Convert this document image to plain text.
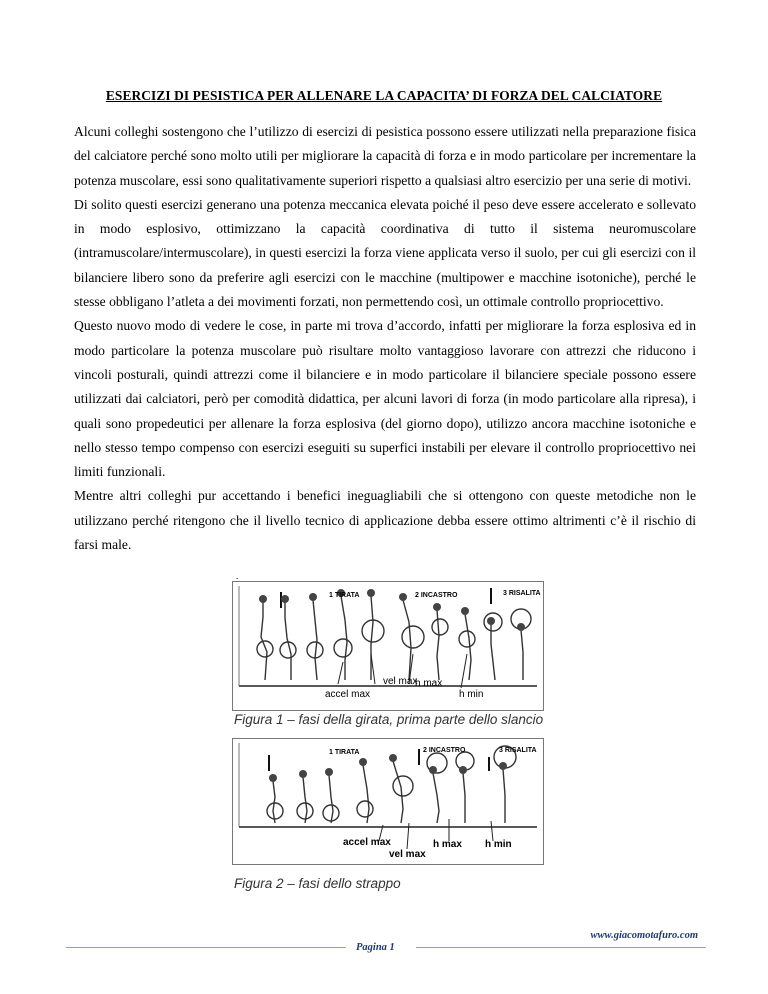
ESERCIZI DI PESISTICA PER ALLENARE LA CAPACITA’ DI FORZA DEL CALCIATORE

Alcuni colleghi sostengono che l’utilizzo di esercizi di pesistica possono essere utilizzati nella preparazione fisica del calciatore perché sono molto utili per migliorare la capacità di forza e in modo particolare per incrementare la potenza muscolare, essi sono qualitativamente superiori rispetto a qualsiasi altro esercizio per una serie di motivi.

Di solito questi esercizi generano una potenza meccanica elevata poiché il peso deve essere accelerato e sollevato in modo esplosivo, ottimizzano la capacità coordinativa di tutto il sistema neuromuscolare (intramuscolare/intermuscolare), in questi esercizi la forza viene applicata verso il suolo, per cui gli esercizi con il bilanciere libero sono da preferire agli esercizi con le macchine (multipower e macchine isotoniche), perché le stesse obbligano l’atleta a dei movimenti forzati, non permettendo così, un ottimale controllo propriocettivo.

Questo nuovo modo di vedere le cose, in parte mi trova d’accordo, infatti per migliorare la forza esplosiva ed in modo particolare la potenza muscolare può risultare molto vantaggioso lavorare con attrezzi che riducono i vincoli posturali, quindi attrezzi come il bilanciere e in modo particolare il bilanciere speciale possono essere utilizzati dai calciatori, però per comodità didattica, per alcuni lavori di forza (in modo particolare alla ripresa), i quali sono propedeutici per allenare la forza esplosiva (del giorno dopo), utilizzo ancora macchine isotoniche e nello stesso tempo compenso con esercizi eseguiti su superfici instabili per elevare il controllo propriocettivo nei limiti funzionali.

Mentre altri colleghi pur accettando i benefici ineguagliabili che si ottengono con queste metodiche non le utilizzano perché ritengono che il livello tecnico di applicazione debba essere ottimo altrimenti c’è il rischio di farsi male.

.
1 TIRATA	2 INCASTRO	3 RISALITA
accel max
vel max
h max
h min
Figura 1 – fasi della girata, prima parte dello slancio
1 TIRATA	2 INCASTRO	3 RISALITA
accel max
vel max
h max h min
Figura 2 – fasi dello strappo
Pagina 1
www.giacomotafuro.com
